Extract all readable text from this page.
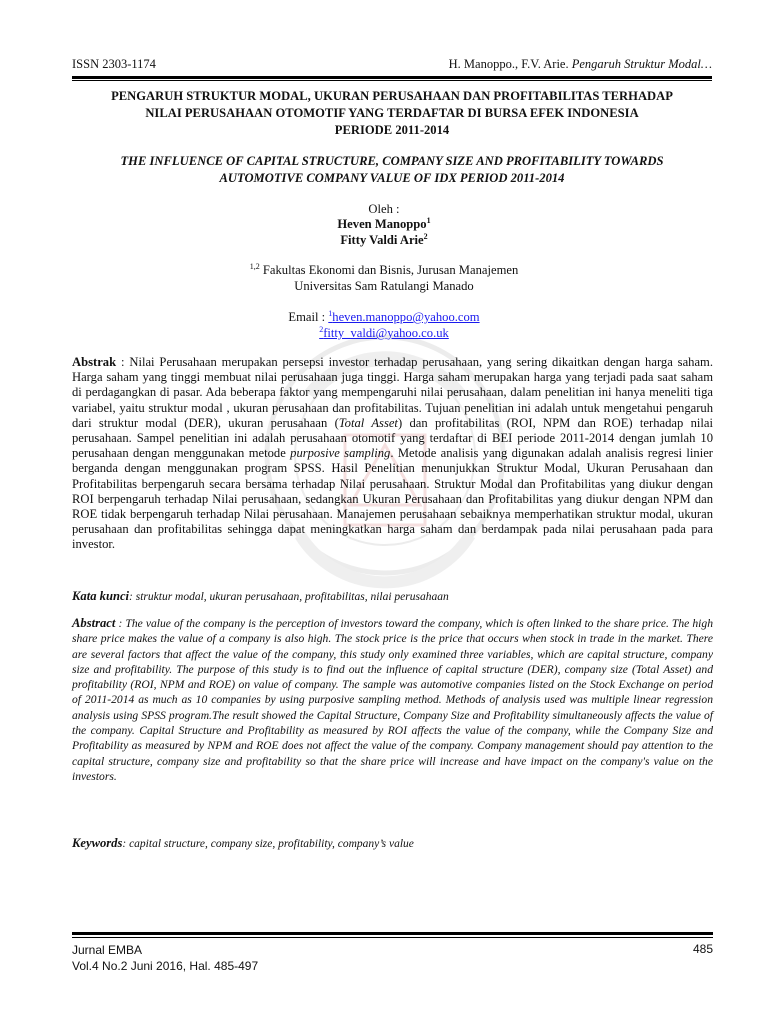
ISSN 2303-1174	H. Manoppo., F.V. Arie. Pengaruh Struktur Modal…
PENGARUH STRUKTUR MODAL, UKURAN PERUSAHAAN DAN PROFITABILITAS TERHADAP
NILAI PERUSAHAAN OTOMOTIF YANG TERDAFTAR DI BURSA EFEK INDONESIA
PERIODE 2011-2014
THE INFLUENCE OF CAPITAL STRUCTURE, COMPANY SIZE AND PROFITABILITY TOWARDS
AUTOMOTIVE COMPANY VALUE OF IDX PERIOD 2011-2014
Oleh :
Heven Manoppo$^1$
Fitty Valdi Arie$^2$
$^{1,2}$ Fakultas Ekonomi dan Bisnis, Jurusan Manajemen
Universitas Sam Ratulangi Manado
Email : $^1$heven.manoppo@yahoo.com
$^2$fitty_valdi@yahoo.co.uk
Abstrak : Nilai Perusahaan merupakan persepsi investor terhadap perusahaan, yang sering dikaitkan dengan harga saham. Harga saham yang tinggi membuat nilai perusahaan juga tinggi. Harga saham merupakan harga yang terjadi pada saat saham di perdagangkan di pasar. Ada beberapa faktor yang mempengaruhi nilai perusahaan, dalam penelitian ini hanya meneliti tiga variabel, yaitu struktur modal , ukuran perusahaan dan profitabilitas. Tujuan penelitian ini adalah untuk mengetahui pengaruh dari struktur modal (DER), ukuran perusahaan (Total Asset) dan profitabilitas (ROI, NPM dan ROE) terhadap nilai perusahaan. Sampel penelitian ini adalah perusahaan otomotif yang terdaftar di BEI periode 2011-2014 dengan jumlah 10 perusahaan dengan menggunakan metode purposive sampling. Metode analisis yang digunakan adalah analisis regresi linier berganda dengan menggunakan program SPSS. Hasil Penelitian menunjukkan Struktur Modal, Ukuran Perusahaan dan Profitabilitas berpengaruh secara bersama terhadap Nilai perusahaan. Struktur Modal dan Profitabilitas yang diukur dengan ROI berpengaruh terhadap Nilai perusahaan, sedangkan Ukuran Perusahaan dan Profitabilitas yang diukur dengan NPM dan ROE tidak berpengaruh terhadap Nilai perusahaan. Manajemen perusahaan sebaiknya memperhatikan struktur modal, ukuran perusahaan dan profitabilitas sehingga dapat meningkatkan harga saham dan berdampak pada nilai perusahaan pada para investor.
Kata kunci: struktur modal, ukuran perusahaan, profitabilitas, nilai perusahaan
Abstract : The value of the company is the perception of investors toward the company, which is often linked to the share price. The high share price makes the value of a company is also high. The stock price is the price that occurs when stock in trade in the market. There are several factors that affect the value of the company, this study only examined three variables, which are capital structure, company size and profitability. The purpose of this study is to find out the influence of capital structure (DER), company size (Total Asset) and profitability (ROI, NPM and ROE) on value of company. The sample was automotive companies listed on the Stock Exchange on period of 2011-2014 as much as 10 companies by using purposive sampling method. Methods of analysis used was multiple linear regression analysis using SPSS program.The result showed the Capital Structure, Company Size and Profitability simultaneously affects the value of the company. Capital Structure and Profitability as measured by ROI affects the value of the company, while the Company Size and Profitability as measured by NPM and ROE does not affect the value of the company. Company management should pay attention to the capital structure, company size and profitability so that the share price will increase and have impact on the company's value on the investors.
Keywords: capital structure, company size, profitability, company’s value
Jurnal EMBA
Vol.4 No.2 Juni 2016, Hal. 485-497
485
